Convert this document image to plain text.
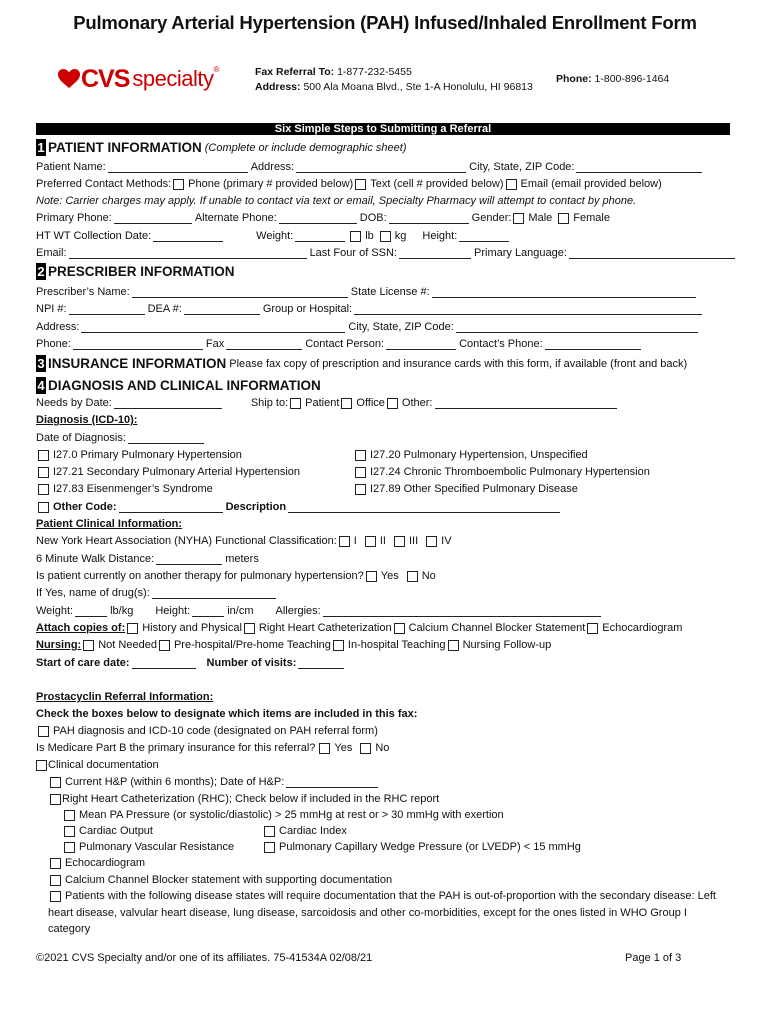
Pulmonary Arterial Hypertension (PAH) Infused/Inhaled Enrollment Form
CVS specialty ®	Fax Referral To: 1-877-232-5455
Address: 500 Ala Moana Blvd., Ste 1-A Honolulu, HI 96813
Phone: 1-800-896-1464
Six Simple Steps to Submitting a Referral
1 PATIENT INFORMATION (Complete or include demographic sheet)
Patient Name:	Address:	City, State, ZIP Code:
Preferred Contact Methods: Phone (primary # provided below) Text (cell # provided below) Email (email provided below)
Note: Carrier charges may apply. If unable to contact via text or email, Specialty Pharmacy will attempt to contact by phone.
Primary Phone:	Alternate Phone:	DOB:	Gender: Male Female
HT WT Collection Date:	Weight:	lb kg Height:
Email:	Last Four of SSN:	Primary Language:
2 PRESCRIBER INFORMATION
Prescriber’s Name:	State License #:
NPI #:	DEA #:	Group or Hospital:
Address:	City, State, ZIP Code:
Phone:	Fax	Contact Person:	Contact’s Phone:
3 INSURANCE INFORMATION Please fax copy of prescription and insurance cards with this form, if available (front and back)
4 DIAGNOSIS AND CLINICAL INFORMATION
Needs by Date:	Ship to: Patient Office Other:
Diagnosis (ICD-10):
Date of Diagnosis:
I27.0 Primary Pulmonary Hypertension	I27.20 Pulmonary Hypertension, Unspecified
I27.21 Secondary Pulmonary Arterial Hypertension	I27.24 Chronic Thromboembolic Pulmonary Hypertension
I27.83 Eisenmenger’s Syndrome	I27.89 Other Specified Pulmonary Disease
Other Code:	Description
Patient Clinical Information:
New York Heart Association (NYHA) Functional Classification: I II III IV
6 Minute Walk Distance:	meters
Is patient currently on another therapy for pulmonary hypertension? Yes No
If Yes, name of drug(s):
Weight:	lb/kg Height:	in/cm Allergies:
Attach copies of: History and Physical Right Heart Catheterization Calcium Channel Blocker Statement Echocardiogram
Nursing: Not Needed Pre-hospital/Pre-home Teaching In-hospital Teaching Nursing Follow-up
Start of care date:	Number of visits:
Prostacyclin Referral Information:
Check the boxes below to designate which items are included in this fax:
PAH diagnosis and ICD-10 code (designated on PAH referral form)
Is Medicare Part B the primary insurance for this referral? Yes No
Clinical documentation
Current H&P (within 6 months); Date of H&P:
Right Heart Catheterization (RHC); Check below if included in the RHC report
Mean PA Pressure (or systolic/diastolic) > 25 mmHg at rest or > 30 mmHg with exertion
Cardiac Output	Cardiac Index
Pulmonary Vascular Resistance	Pulmonary Capillary Wedge Pressure (or LVEDP) < 15 mmHg
Echocardiogram
Calcium Channel Blocker statement with supporting documentation
Patients with the following disease states will require documentation that the PAH is out-of-proportion with the secondary disease: Left
heart disease, valvular heart disease, lung disease, sarcoidosis and other co-morbidities, except for the ones listed in WHO Group I
category
©2021 CVS Specialty and/or one of its affiliates. 75-41534A 02/08/21	Page 1 of 3
